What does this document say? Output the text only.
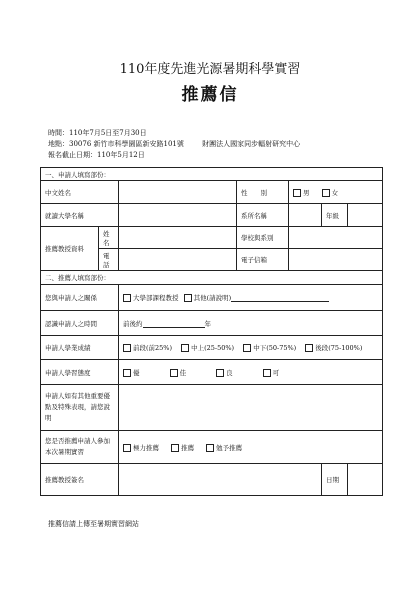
110年度先進光源暑期科學實習
推薦信
時間：110年7月5日至7月30日
地點：30076 新竹市科學園區新安路101號	財團法人國家同步輻射研究中心
報名截止日期：110年5月12日
一、申請人填寫部份：						
中文姓名			性　　別	男 女		
就讀大學名稱			系所名稱		年級	
推薦教授資料	姓名		學校與系別			
	電話		電子信箱			
二、推薦人填寫部份：						
您與申請人之關係		大學部課程教授 其他(請說明)				
認識申請人之時間		前後約 年				
申請人學業成績		前段(前25%) 中上(25-50%) 中下(50-75%) 後段(75-100%)				
申請人學習態度		優 佳 良 可				
申請人如有其他重要優點及特殊表現，請您說明						
您是否推薦申請人參加本次暑期實習		極力推薦 推薦 勉予推薦				
推薦教授簽名					日期	
推薦信請上傳至暑期實習網站
